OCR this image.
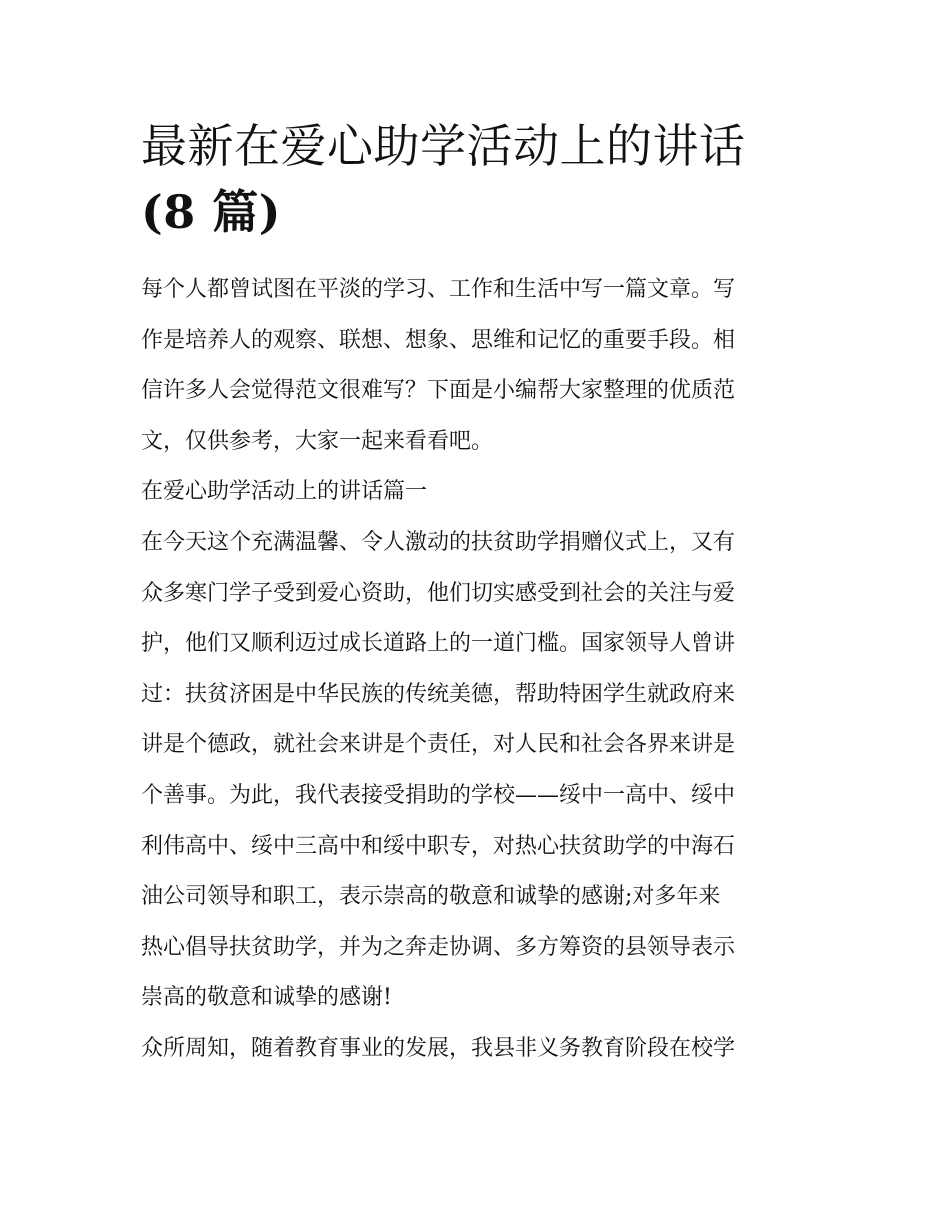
最新在爱心助学活动上的讲话
(8 篇)

每个人都曾试图在平淡的学习、工作和生活中写一篇文章。写
作是培养人的观察、联想、想象、思维和记忆的重要手段。相
信许多人会觉得范文很难写？下面是小编帮大家整理的优质范
文，仅供参考，大家一起来看看吧。

在爱心助学活动上的讲话篇一

在今天这个充满温馨、令人激动的扶贫助学捐赠仪式上，又有
众多寒门学子受到爱心资助，他们切实感受到社会的关注与爱
护，他们又顺利迈过成长道路上的一道门槛。国家领导人曾讲
过：扶贫济困是中华民族的传统美德，帮助特困学生就政府来
讲是个德政，就社会来讲是个责任，对人民和社会各界来讲是
个善事。为此，我代表接受捐助的学校——绥中一高中、绥中
利伟高中、绥中三高中和绥中职专，对热心扶贫助学的中海石
油公司领导和职工，表示崇高的敬意和诚挚的感谢;对多年来
热心倡导扶贫助学，并为之奔走协调、多方筹资的县领导表示
崇高的敬意和诚挚的感谢!

众所周知，随着教育事业的发展，我县非义务教育阶段在校学
